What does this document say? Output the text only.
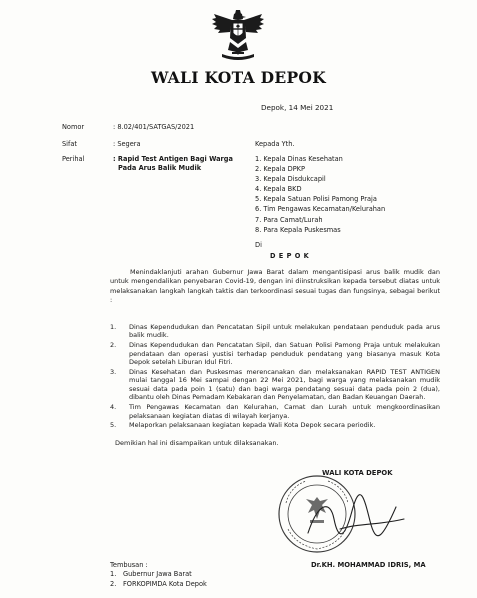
WALI KOTA DEPOK
Depok, 14 Mei 2021
Nomor	: 8.02/401/SATGAS/2021
Sifat	: Segera
Perihal	: Rapid Test Antigen Bagi Warga
Pada Arus Balik Mudik
Kepada Yth.
1. Kepala Dinas Kesehatan
2. Kepala DPKP
3. Kepala Disdukcapil
4. Kepala BKD
5. Kepala Satuan Polisi Pamong Praja
6. Tim Pengawas Kecamatan/Kelurahan
7. Para Camat/Lurah
8. Para Kepala Puskesmas
Di
D E P O K
Menindaklanjuti arahan Gubernur Jawa Barat dalam mengantisipasi arus balik mudik dan untuk mengendalikan penyebaran Covid-19, dengan ini diinstruksikan kepada tersebut diatas untuk melaksanakan langkah langkah taktis dan terkoordinasi sesuai tugas dan fungsinya, sebagai berikut :
1. Dinas Kependudukan dan Pencatatan Sipil untuk melakukan pendataan penduduk pada arus balik mudik.
2. Dinas Kependudukan dan Pencatatan Sipil, dan Satuan Polisi Pamong Praja untuk melakukan pendataan dan operasi yustisi terhadap penduduk pendatang yang biasanya masuk Kota Depok setelah Liburan Idul Fitri.
3. Dinas Kesehatan dan Puskesmas merencanakan dan melaksanakan RAPID TEST ANTIGEN mulai tanggal 16 Mei sampai dengan 22 Mei 2021, bagi warga yang melaksanakan mudik sesuai data pada poin 1 (satu) dan bagi warga pendatang sesuai data pada poin 2 (dua), dibantu oleh Dinas Pemadam Kebakaran dan Penyelamatan, dan Badan Keuangan Daerah.
4. Tim Pengawas Kecamatan dan Kelurahan, Camat dan Lurah untuk mengkoordinasikan pelaksanaan kegiatan diatas di wilayah kerjanya.
5. Melaporkan pelaksanaan kegiatan kepada Wali Kota Depok secara periodik.
Demikian hal ini disampaikan untuk dilaksanakan.
WALI KOTA DEPOK
Dr.KH. MOHAMMAD IDRIS, MA
Tembusan :
1. Gubernur Jawa Barat
2. FORKOPIMDA Kota Depok
